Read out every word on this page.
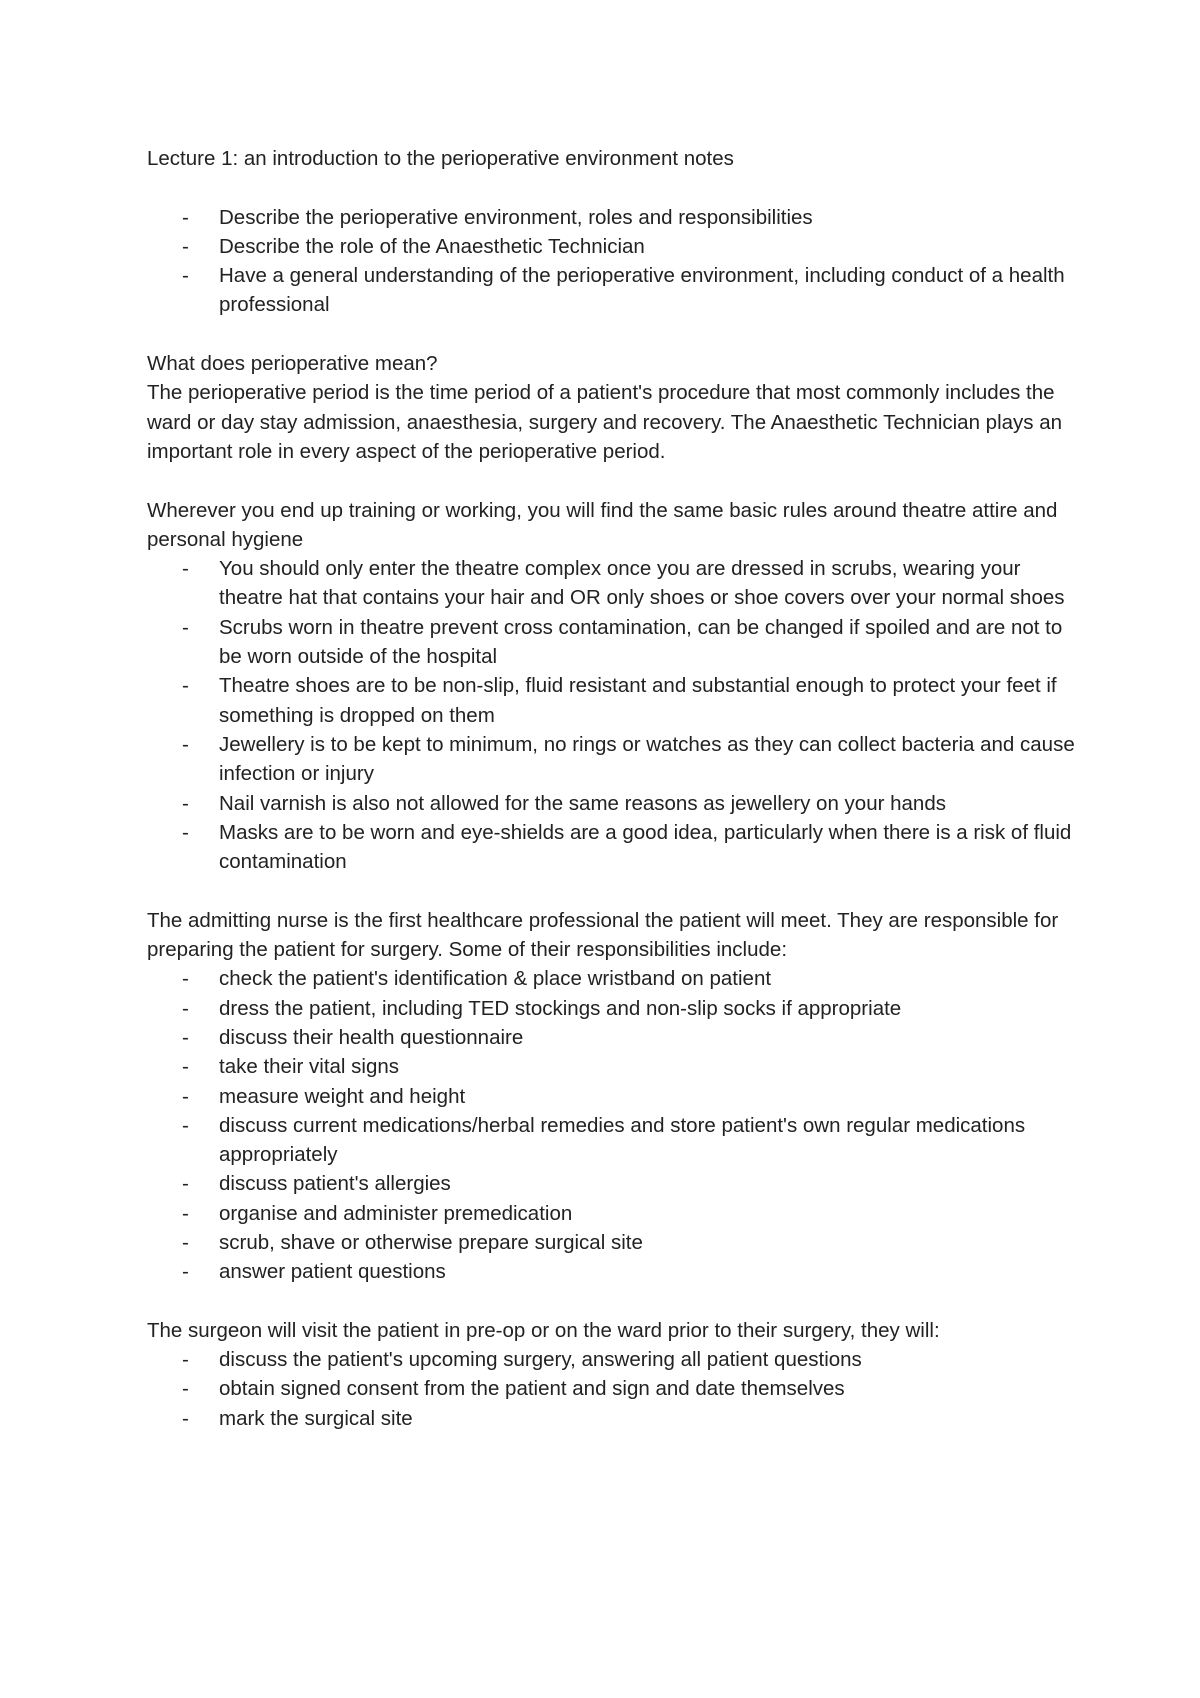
Lecture 1: an introduction to the perioperative environment notes

- Describe the perioperative environment, roles and responsibilities
- Describe the role of the Anaesthetic Technician
- Have a general understanding of the perioperative environment, including conduct of a health professional

What does perioperative mean?

The perioperative period is the time period of a patient's procedure that most commonly includes the ward or day stay admission, anaesthesia, surgery and recovery. The Anaesthetic Technician plays an important role in every aspect of the perioperative period.

Wherever you end up training or working, you will find the same basic rules around theatre attire and personal hygiene

- You should only enter the theatre complex once you are dressed in scrubs, wearing your theatre hat that contains your hair and OR only shoes or shoe covers over your normal shoes
- Scrubs worn in theatre prevent cross contamination, can be changed if spoiled and are not to be worn outside of the hospital
- Theatre shoes are to be non-slip, fluid resistant and substantial enough to protect your feet if something is dropped on them
- Jewellery is to be kept to minimum, no rings or watches as they can collect bacteria and cause infection or injury
- Nail varnish is also not allowed for the same reasons as jewellery on your hands
- Masks are to be worn and eye-shields are a good idea, particularly when there is a risk of fluid contamination

The admitting nurse is the first healthcare professional the patient will meet. They are responsible for preparing the patient for surgery. Some of their responsibilities include:

- check the patient's identification & place wristband on patient
- dress the patient, including TED stockings and non-slip socks if appropriate
- discuss their health questionnaire
- take their vital signs
- measure weight and height
- discuss current medications/herbal remedies and store patient's own regular medications appropriately
- discuss patient's allergies
- organise and administer premedication
- scrub, shave or otherwise prepare surgical site
- answer patient questions

The surgeon will visit the patient in pre-op or on the ward prior to their surgery, they will:

- discuss the patient's upcoming surgery, answering all patient questions
- obtain signed consent from the patient and sign and date themselves
- mark the surgical site
